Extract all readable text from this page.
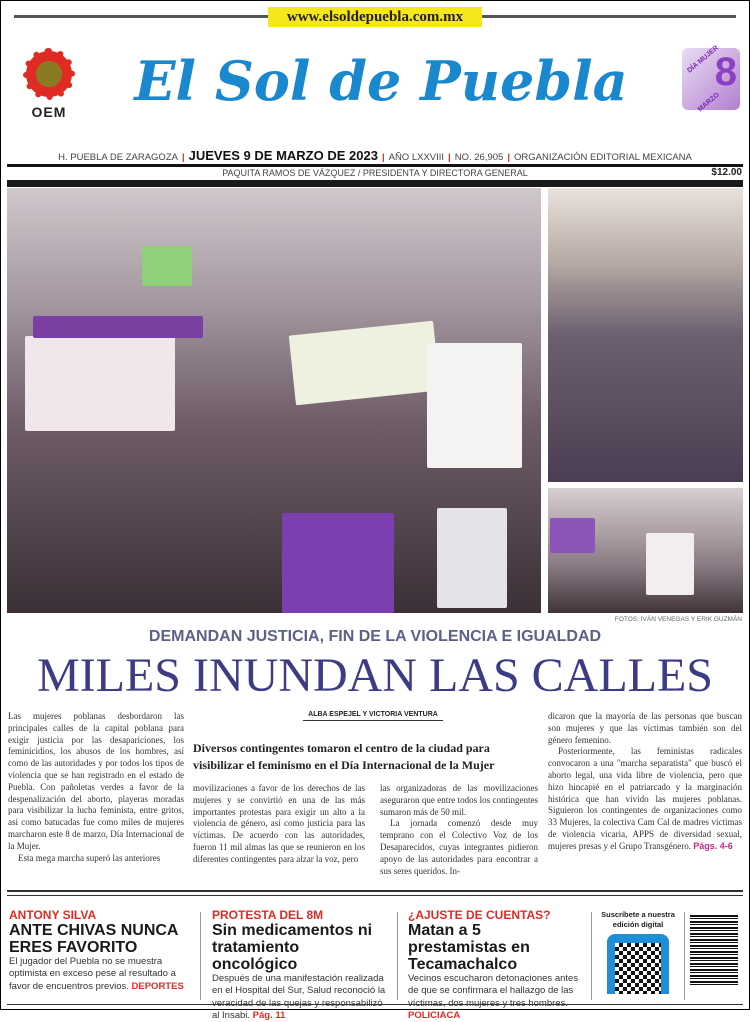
www.elsoldepuebla.com.mx
OEM	El Sol de Puebla	DÍA MUJER
8
MARZO
H. PUEBLA DE ZARAGOZA | JUEVES 9 DE MARZO DE 2023 | AÑO LXXVIII | NO. 26,905 | ORGANIZACIÓN EDITORIAL MEXICANA
PAQUITA RAMOS DE VÁZQUEZ / PRESIDENTA Y DIRECTORA GENERAL	$12.00
FOTOS: IVÁN VENEGAS Y ERIK GUZMÁN
DEMANDAN JUSTICIA, FIN DE LA VIOLENCIA E IGUALDAD
MILES INUNDAN LAS CALLES
ALBA ESPEJEL Y VICTORIA VENTURA

Las mujeres poblanas desbordaron las principales calles de la capital poblana para exigir justicia por las desapariciones, los feminicidios, los abusos de los hombres, así como de las autoridades y por todos los tipos de violencia que se han registrado en el estado de Puebla. Con pañoletas verdes a favor de la despenalización del aborto, playeras moradas para visibilizar la lucha feminista, entre gritos, así como batucadas fue como miles de mujeres marcharon este 8 de marzo, Día Internacional de la Mujer.

Esta mega marcha superó las anteriores

Diversos contingentes tomaron el centro de la ciudad para visibilizar el feminismo en el Día Internacional de la Mujer

movilizaciones a favor de los derechos de las mujeres y se convirtió en una de las más importantes protestas para exigir un alto a la violencia de género, así como justicia para las víctimas. De acuerdo con las autoridades, fueron 11 mil almas las que se reunieron en los diferentes contingentes para alzar la voz, pero

las organizadoras de las movilizaciones aseguraron que entre todos los contingentes sumaron más de 50 mil.

La jornada comenzó desde muy temprano con el Colectivo Voz de los Desaparecidos, cuyas integrantes pidieron apoyo de las autoridades para encontrar a sus seres queridos. In-

dicaron que la mayoría de las personas que buscan son mujeres y que las víctimas también son del género femenino.

Posteriormente, las feministas radicales convocaron a una "marcha separatista" que buscó el aborto legal, una vida libre de violencia, pero que hizo hincapié en el patriarcado y la marginación histórica que han vivido las mujeres poblanas. Siguieron los contingentes de organizaciones como 33 Mujeres, la colectiva Cam Cal de madres víctimas de violencia vicaria, APPS de diversidad sexual, mujeres presas y el Grupo Transgénero. Págs. 4-6

ANTONY SILVA
ANTE CHIVAS NUNCA ERES FAVORITO
El jugador del Puebla no se muestra optimista en exceso pese al resultado a favor de encuentros previos. DEPORTES
PROTESTA DEL 8M
Sin medicamentos ni tratamiento oncológico
Después de una manifestación realizada en el Hospital del Sur, Salud reconoció la al Insabi. Pág. 11
¿AJUSTE DE CUENTAS?
Matan a 5 prestamistas en Tecamachalco
Vecinos escucharon detonaciones antes de que se confirmara el hallazgo de las POLICIACA
Suscríbete a nuestra edición digital
